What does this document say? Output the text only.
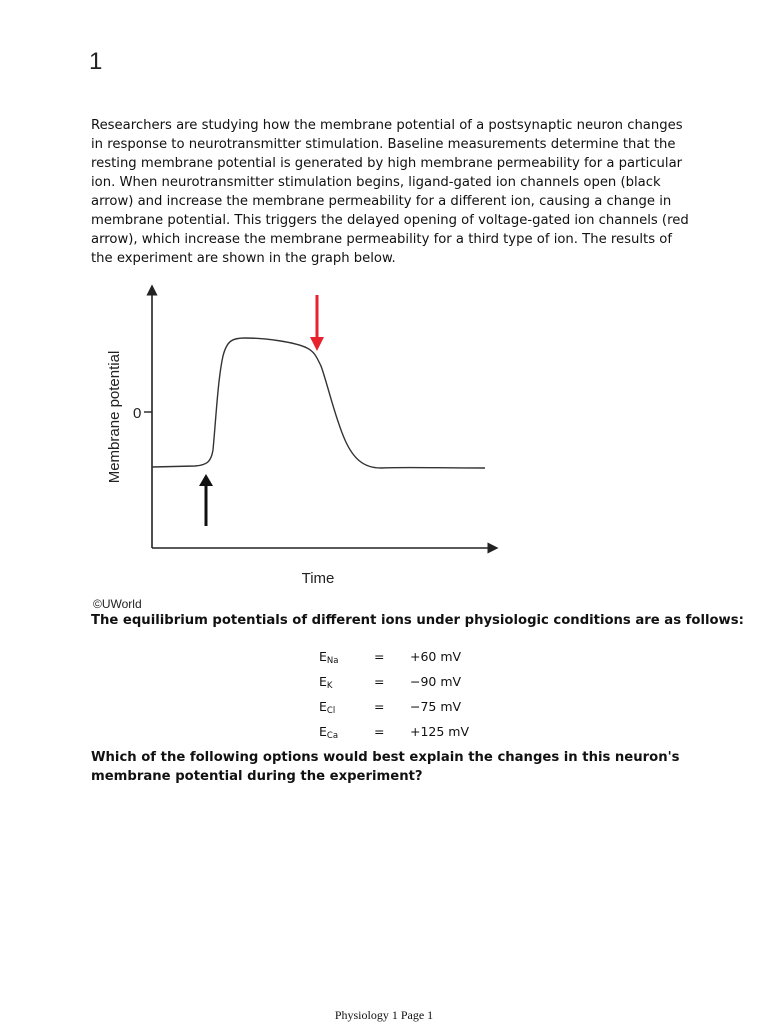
1

Researchers are studying how the membrane potential of a postsynaptic neuron changes in response to neurotransmitter stimulation. Baseline measurements determine that the resting membrane potential is generated by high membrane permeability for a particular ion. When neurotransmitter stimulation begins, ligand-gated ion channels open (black arrow) and increase the membrane permeability for a different ion, causing a change in membrane potential. This triggers the delayed opening of voltage-gated ion channels (red arrow), which increase the membrane permeability for a third type of ion. The results of the experiment are shown in the graph below.

0
Membrane potential
Time
©UWorld

The equilibrium potentials of different ions under physiologic conditions are as follows:

$E_{Na}$	= +60 mV
$E_K$	= −90 mV
$E_{Cl}$	= −75 mV
$E_{Ca}$	= +125 mV

Which of the following options would best explain the changes in this neuron's membrane potential during the experiment?

Physiology 1 Page 1
